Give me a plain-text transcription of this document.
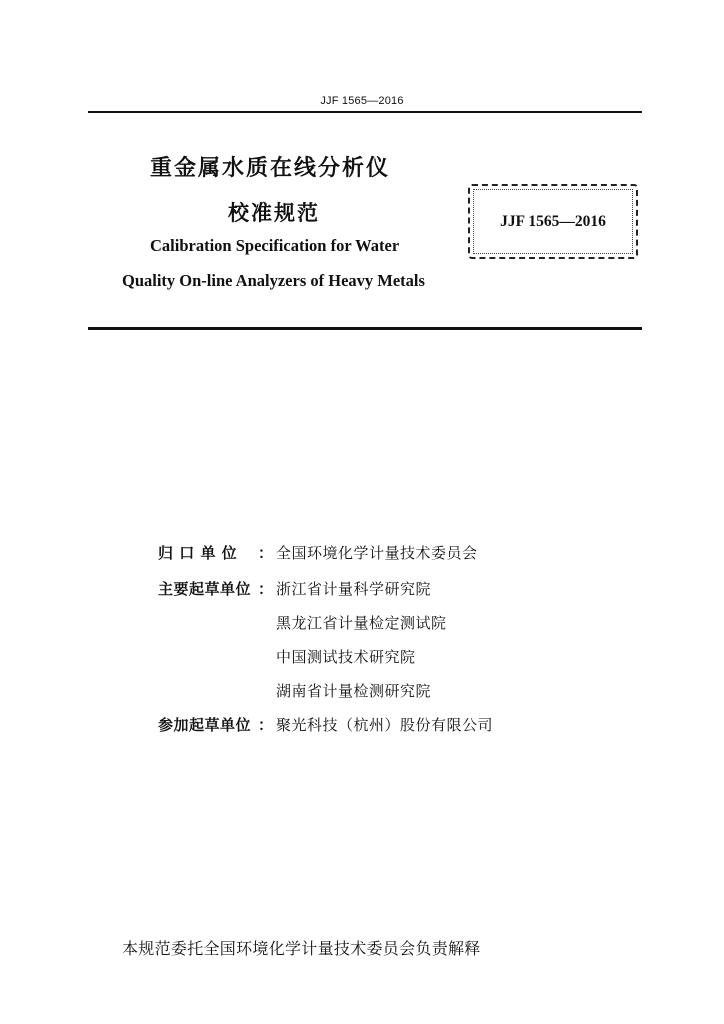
JJF 1565—2016
重金属水质在线分析仪
校准规范
Calibration Specification for Water
Quality On-line Analyzers of Heavy Metals
JJF 1565—2016
归 口 单 位	： 全国环境化学计量技术委员会
主要起草单位 ： 浙江省计量科学研究院
黑龙江省计量检定测试院
中国测试技术研究院
湖南省计量检测研究院
参加起草单位 ： 聚光科技（杭州）股份有限公司
本规范委托全国环境化学计量技术委员会负责解释
